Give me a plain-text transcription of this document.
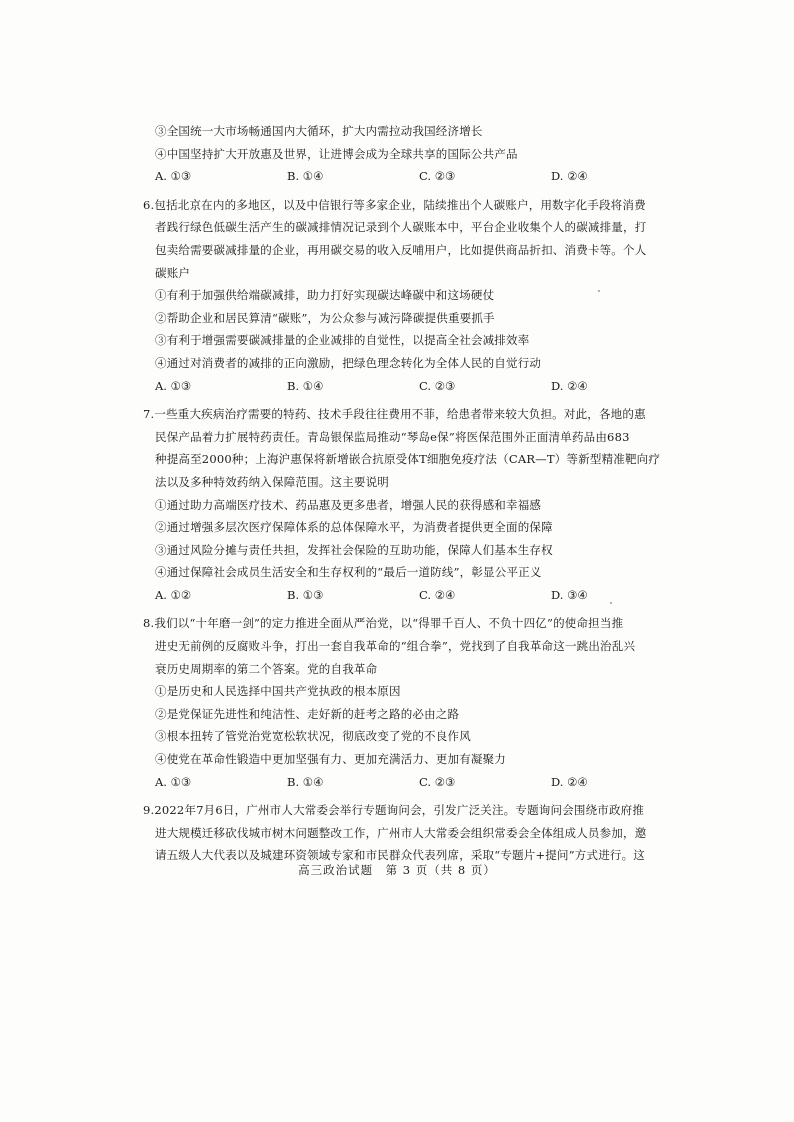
③全国统一大市场畅通国内大循环，扩大内需拉动我国经济增长
④中国坚持扩大开放惠及世界，让进博会成为全球共享的国际公共产品
A. ①③	B. ①④	C. ②③	D. ②④
6.包括北京在内的多地区，以及中信银行等多家企业，陆续推出个人碳账户，用数字化手段将消费
者践行绿色低碳生活产生的碳减排情况记录到个人碳账本中，平台企业收集个人的碳减排量，打
包卖给需要碳减排量的企业，再用碳交易的收入反哺用户，比如提供商品折扣、消费卡等。个人
碳账户
①有利于加强供给端碳减排，助力打好实现碳达峰碳中和这场硬仗
②帮助企业和居民算清“碳账”，为公众参与减污降碳提供重要抓手
③有利于增强需要碳减排量的企业减排的自觉性，以提高全社会减排效率
④通过对消费者的减排的正向激励，把绿色理念转化为全体人民的自觉行动
A. ①③	B. ①④	C. ②③	D. ②④
7.一些重大疾病治疗需要的特药、技术手段往往费用不菲，给患者带来较大负担。对此，各地的惠
民保产品着力扩展特药责任。青岛银保监局推动“琴岛e保”将医保范围外正面清单药品由683
种提高至2000种；上海沪惠保将新增嵌合抗原受体T细胞免疫疗法（CAR—T）等新型精准靶向疗
法以及多种特效药纳入保障范围。这主要说明
①通过助力高端医疗技术、药品惠及更多患者，增强人民的获得感和幸福感
②通过增强多层次医疗保障体系的总体保障水平，为消费者提供更全面的保障
③通过风险分摊与责任共担，发挥社会保险的互助功能，保障人们基本生存权
④通过保障社会成员生活安全和生存权利的“最后一道防线”，彰显公平正义
A. ①②	B. ①③	C. ②④	D. ③④
8.我们以“十年磨一剑”的定力推进全面从严治党，以“得罪千百人、不负十四亿”的使命担当推
进史无前例的反腐败斗争，打出一套自我革命的“组合拳”，党找到了自我革命这一跳出治乱兴
衰历史周期率的第二个答案。党的自我革命
①是历史和人民选择中国共产党执政的根本原因
②是党保证先进性和纯洁性、走好新的赶考之路的必由之路
③根本扭转了管党治党宽松软状况，彻底改变了党的不良作风
④使党在革命性锻造中更加坚强有力、更加充满活力、更加有凝聚力
A. ①③	B. ①④	C. ②③	D. ②④
9.2022年7月6日，广州市人大常委会举行专题询问会，引发广泛关注。专题询问会围绕市政府推
进大规模迁移砍伐城市树木问题整改工作，广州市人大常委会组织常委会全体组成人员参加，邀
请五级人大代表以及城建环资领域专家和市民群众代表列席，采取“专题片+提问”方式进行。这
高三政治试题　第 3 页（共 8 页）
